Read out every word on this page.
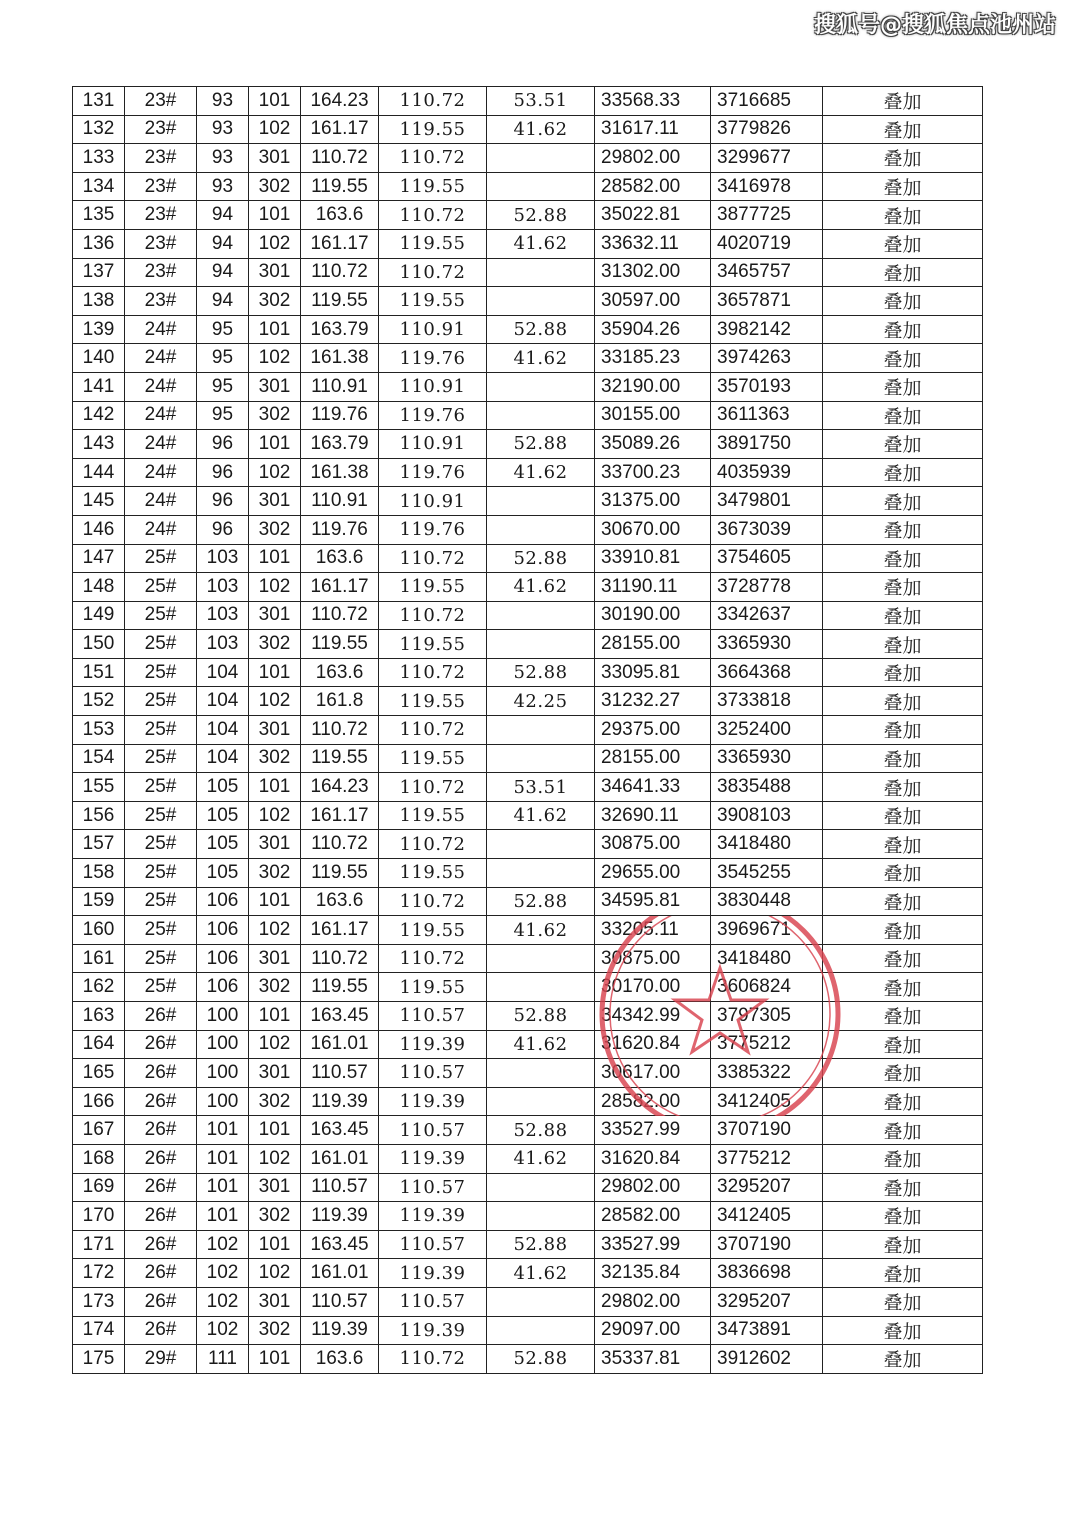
搜狐号@搜狐焦点池州站
131	23#	93	101	164.23	110.72	53.51	33568.33	3716685	叠加
132	23#	93	102	161.17	119.55	41.62	31617.11	3779826	叠加
133	23#	93	301	110.72	110.72		29802.00	3299677	叠加
134	23#	93	302	119.55	119.55		28582.00	3416978	叠加
135	23#	94	101	163.6	110.72	52.88	35022.81	3877725	叠加
136	23#	94	102	161.17	119.55	41.62	33632.11	4020719	叠加
137	23#	94	301	110.72	110.72		31302.00	3465757	叠加
138	23#	94	302	119.55	119.55		30597.00	3657871	叠加
139	24#	95	101	163.79	110.91	52.88	35904.26	3982142	叠加
140	24#	95	102	161.38	119.76	41.62	33185.23	3974263	叠加
141	24#	95	301	110.91	110.91		32190.00	3570193	叠加
142	24#	95	302	119.76	119.76		30155.00	3611363	叠加
143	24#	96	101	163.79	110.91	52.88	35089.26	3891750	叠加
144	24#	96	102	161.38	119.76	41.62	33700.23	4035939	叠加
145	24#	96	301	110.91	110.91		31375.00	3479801	叠加
146	24#	96	302	119.76	119.76		30670.00	3673039	叠加
147	25#	103	101	163.6	110.72	52.88	33910.81	3754605	叠加
148	25#	103	102	161.17	119.55	41.62	31190.11	3728778	叠加
149	25#	103	301	110.72	110.72		30190.00	3342637	叠加
150	25#	103	302	119.55	119.55		28155.00	3365930	叠加
151	25#	104	101	163.6	110.72	52.88	33095.81	3664368	叠加
152	25#	104	102	161.8	119.55	42.25	31232.27	3733818	叠加
153	25#	104	301	110.72	110.72		29375.00	3252400	叠加
154	25#	104	302	119.55	119.55		28155.00	3365930	叠加
155	25#	105	101	164.23	110.72	53.51	34641.33	3835488	叠加
156	25#	105	102	161.17	119.55	41.62	32690.11	3908103	叠加
157	25#	105	301	110.72	110.72		30875.00	3418480	叠加
158	25#	105	302	119.55	119.55		29655.00	3545255	叠加
159	25#	106	101	163.6	110.72	52.88	34595.81	3830448	叠加
160	25#	106	102	161.17	119.55	41.62	33205.11	3969671	叠加
161	25#	106	301	110.72	110.72		30875.00	3418480	叠加
162	25#	106	302	119.55	119.55		30170.00	3606824	叠加
163	26#	100	101	163.45	110.57	52.88	34342.99	3797305	叠加
164	26#	100	102	161.01	119.39	41.62	31620.84	3775212	叠加
165	26#	100	301	110.57	110.57		30617.00	3385322	叠加
166	26#	100	302	119.39	119.39		28582.00	3412405	叠加
167	26#	101	101	163.45	110.57	52.88	33527.99	3707190	叠加
168	26#	101	102	161.01	119.39	41.62	31620.84	3775212	叠加
169	26#	101	301	110.57	110.57		29802.00	3295207	叠加
170	26#	101	302	119.39	119.39		28582.00	3412405	叠加
171	26#	102	101	163.45	110.57	52.88	33527.99	3707190	叠加
172	26#	102	102	161.01	119.39	41.62	32135.84	3836698	叠加
173	26#	102	301	110.57	110.57		29802.00	3295207	叠加
174	26#	102	302	119.39	119.39		29097.00	3473891	叠加
175	29#	111	101	163.6	110.72	52.88	35337.81	3912602	叠加
